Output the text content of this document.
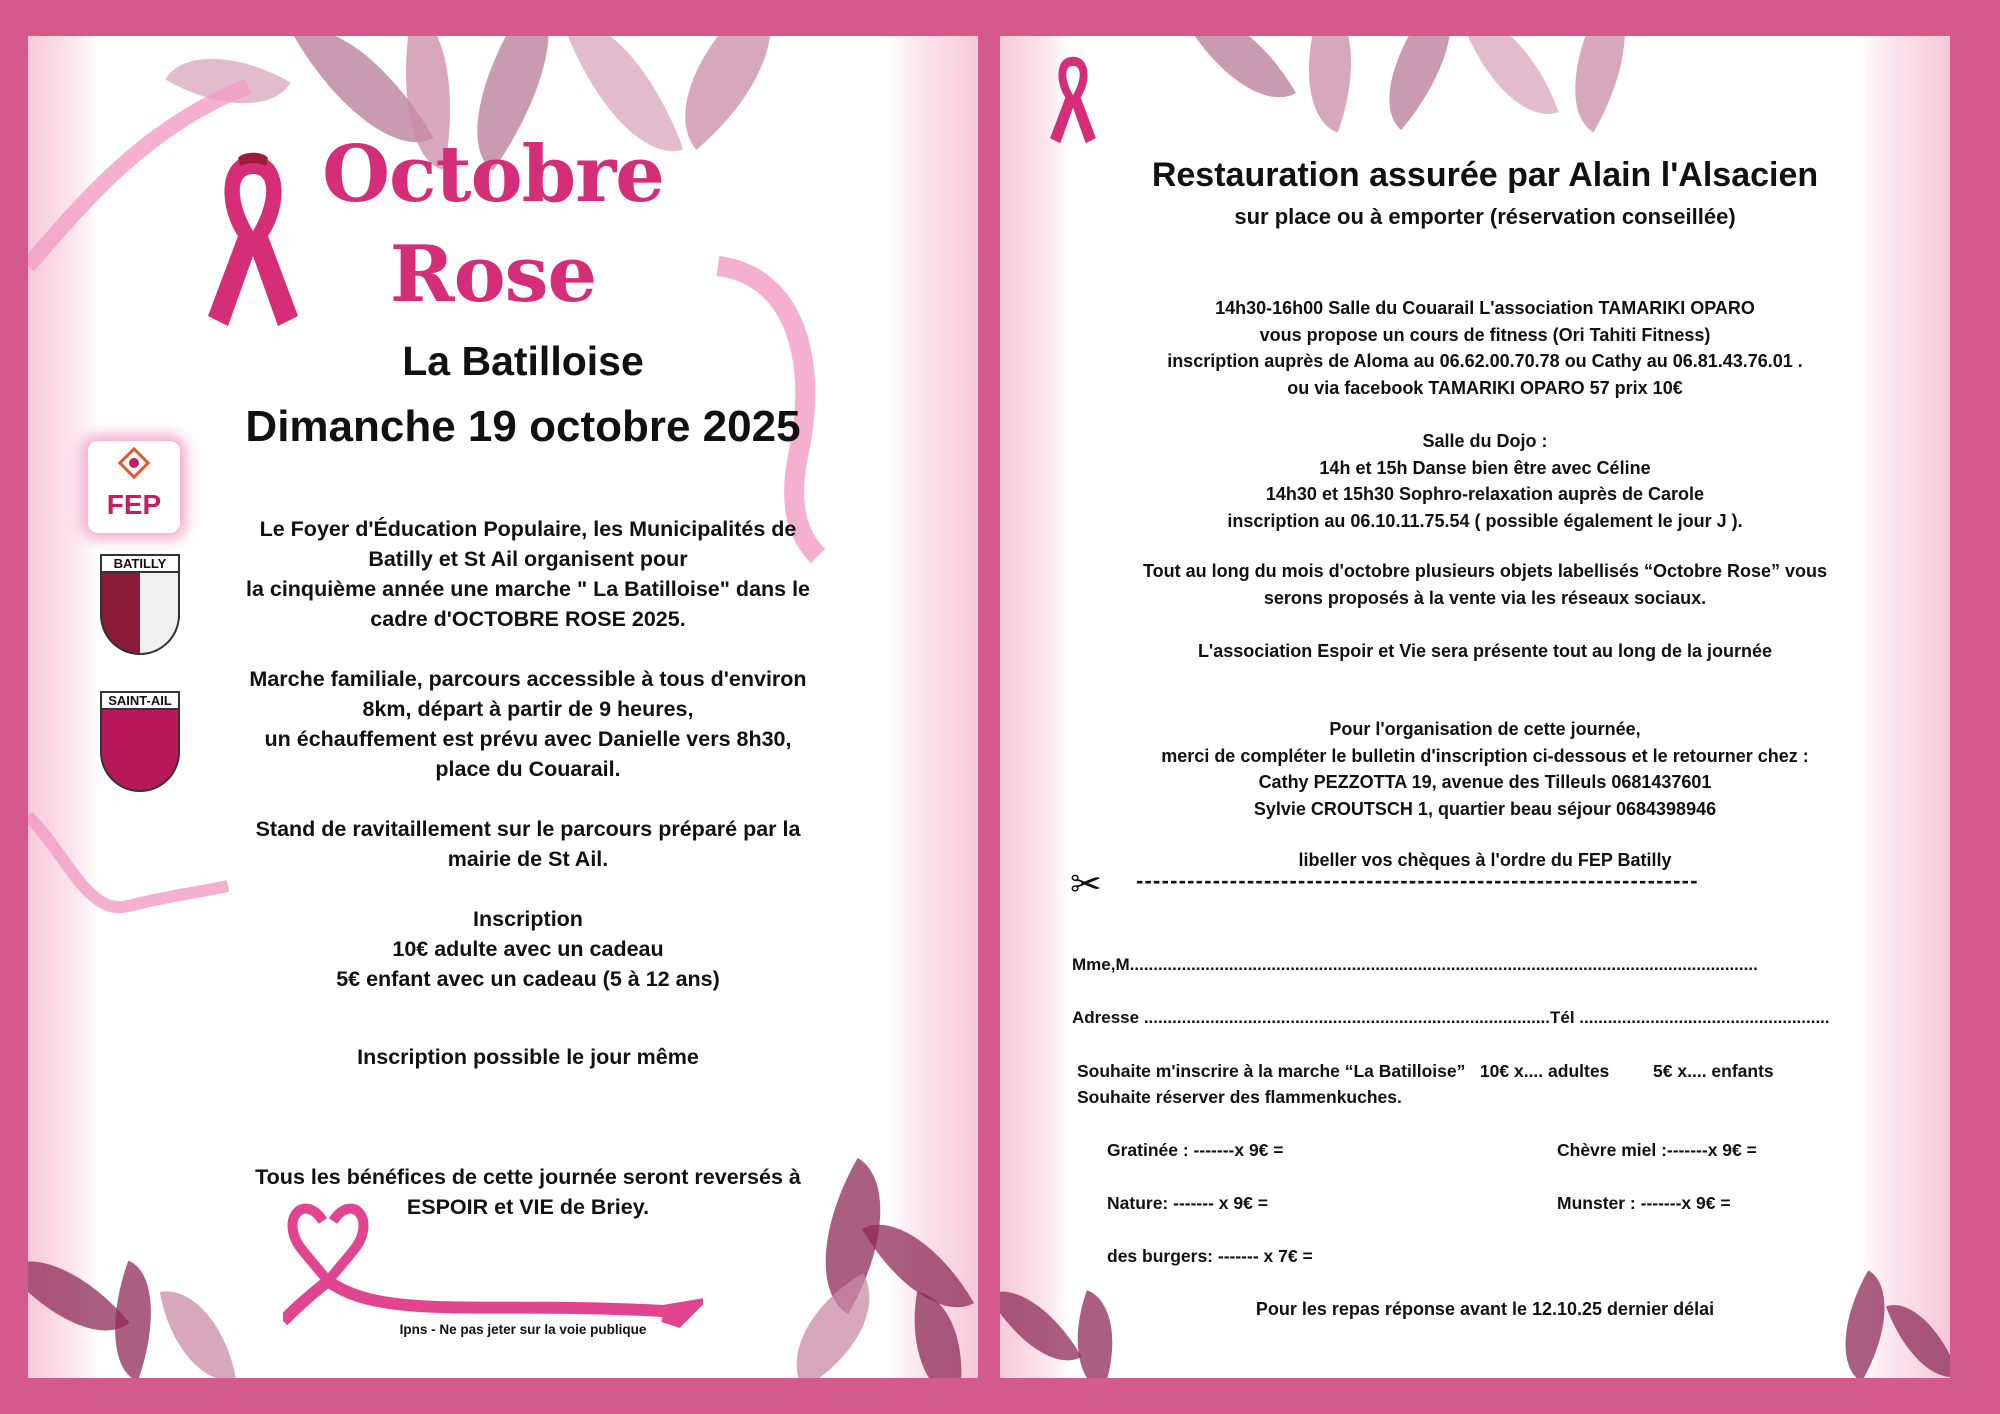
Octobre
Rose
La Batilloise
Dimanche 19 octobre 2025
FEP
BATILLY
SAINT-AIL
Le Foyer d'Éducation Populaire, les Municipalités de
Batilly et St Ail organisent pour
la cinquième année une marche " La Batilloise" dans le
cadre d'OCTOBRE ROSE 2025.
Marche familiale, parcours accessible à tous d'environ
8km, départ à partir de 9 heures,
un échauffement est prévu avec Danielle vers 8h30,
place du Couarail.
Stand de ravitaillement sur le parcours préparé par la
mairie de St Ail.
Inscription
10€ adulte avec un cadeau
5€ enfant avec un cadeau (5 à 12 ans)
Inscription possible le jour même
Tous les bénéfices de cette journée seront reversés à
ESPOIR et VIE de Briey.
Ipns - Ne pas jeter sur la voie publique
Restauration assurée par Alain l'Alsacien
sur place ou à emporter (réservation conseillée)
14h30-16h00 Salle du Couarail L'association TAMARIKI OPARO
vous propose un cours de fitness (Ori Tahiti Fitness)
inscription auprès de Aloma au 06.62.00.70.78 ou Cathy au 06.81.43.76.01 .
ou via facebook TAMARIKI OPARO 57 prix 10€
Salle du Dojo :
14h et 15h Danse bien être avec Céline
14h30 et 15h30 Sophro-relaxation auprès de Carole
inscription au 06.10.11.75.54 ( possible également le jour J ).
Tout au long du mois d'octobre plusieurs objets labellisés “Octobre Rose” vous
serons proposés à la vente via les réseaux sociaux.
L'association Espoir et Vie sera présente tout au long de la journée
Pour l'organisation de cette journée,
merci de compléter le bulletin d'inscription ci-dessous et le retourner chez :
Cathy PEZZOTTA 19, avenue des Tilleuls 0681437601
Sylvie CROUTSCH 1, quartier beau séjour 0684398946
libeller vos chèques à l'ordre du FEP Batilly
✂ ------------------------------------------------------------------
Mme,M.....................................................................................................................................
Adresse ......................................................................................Tél .....................................................
Souhaite m'inscrire à la marche “La Batilloise”   10€ x.... adultes         5€ x.... enfants
Souhaite réserver des flammenkuches.
Gratinée : -------x 9€ =	Chèvre miel :-------x 9€ =
Nature: ------- x 9€ =	Munster : -------x 9€ =
des burgers: ------- x 7€ =
Pour les repas réponse avant le 12.10.25 dernier délai
